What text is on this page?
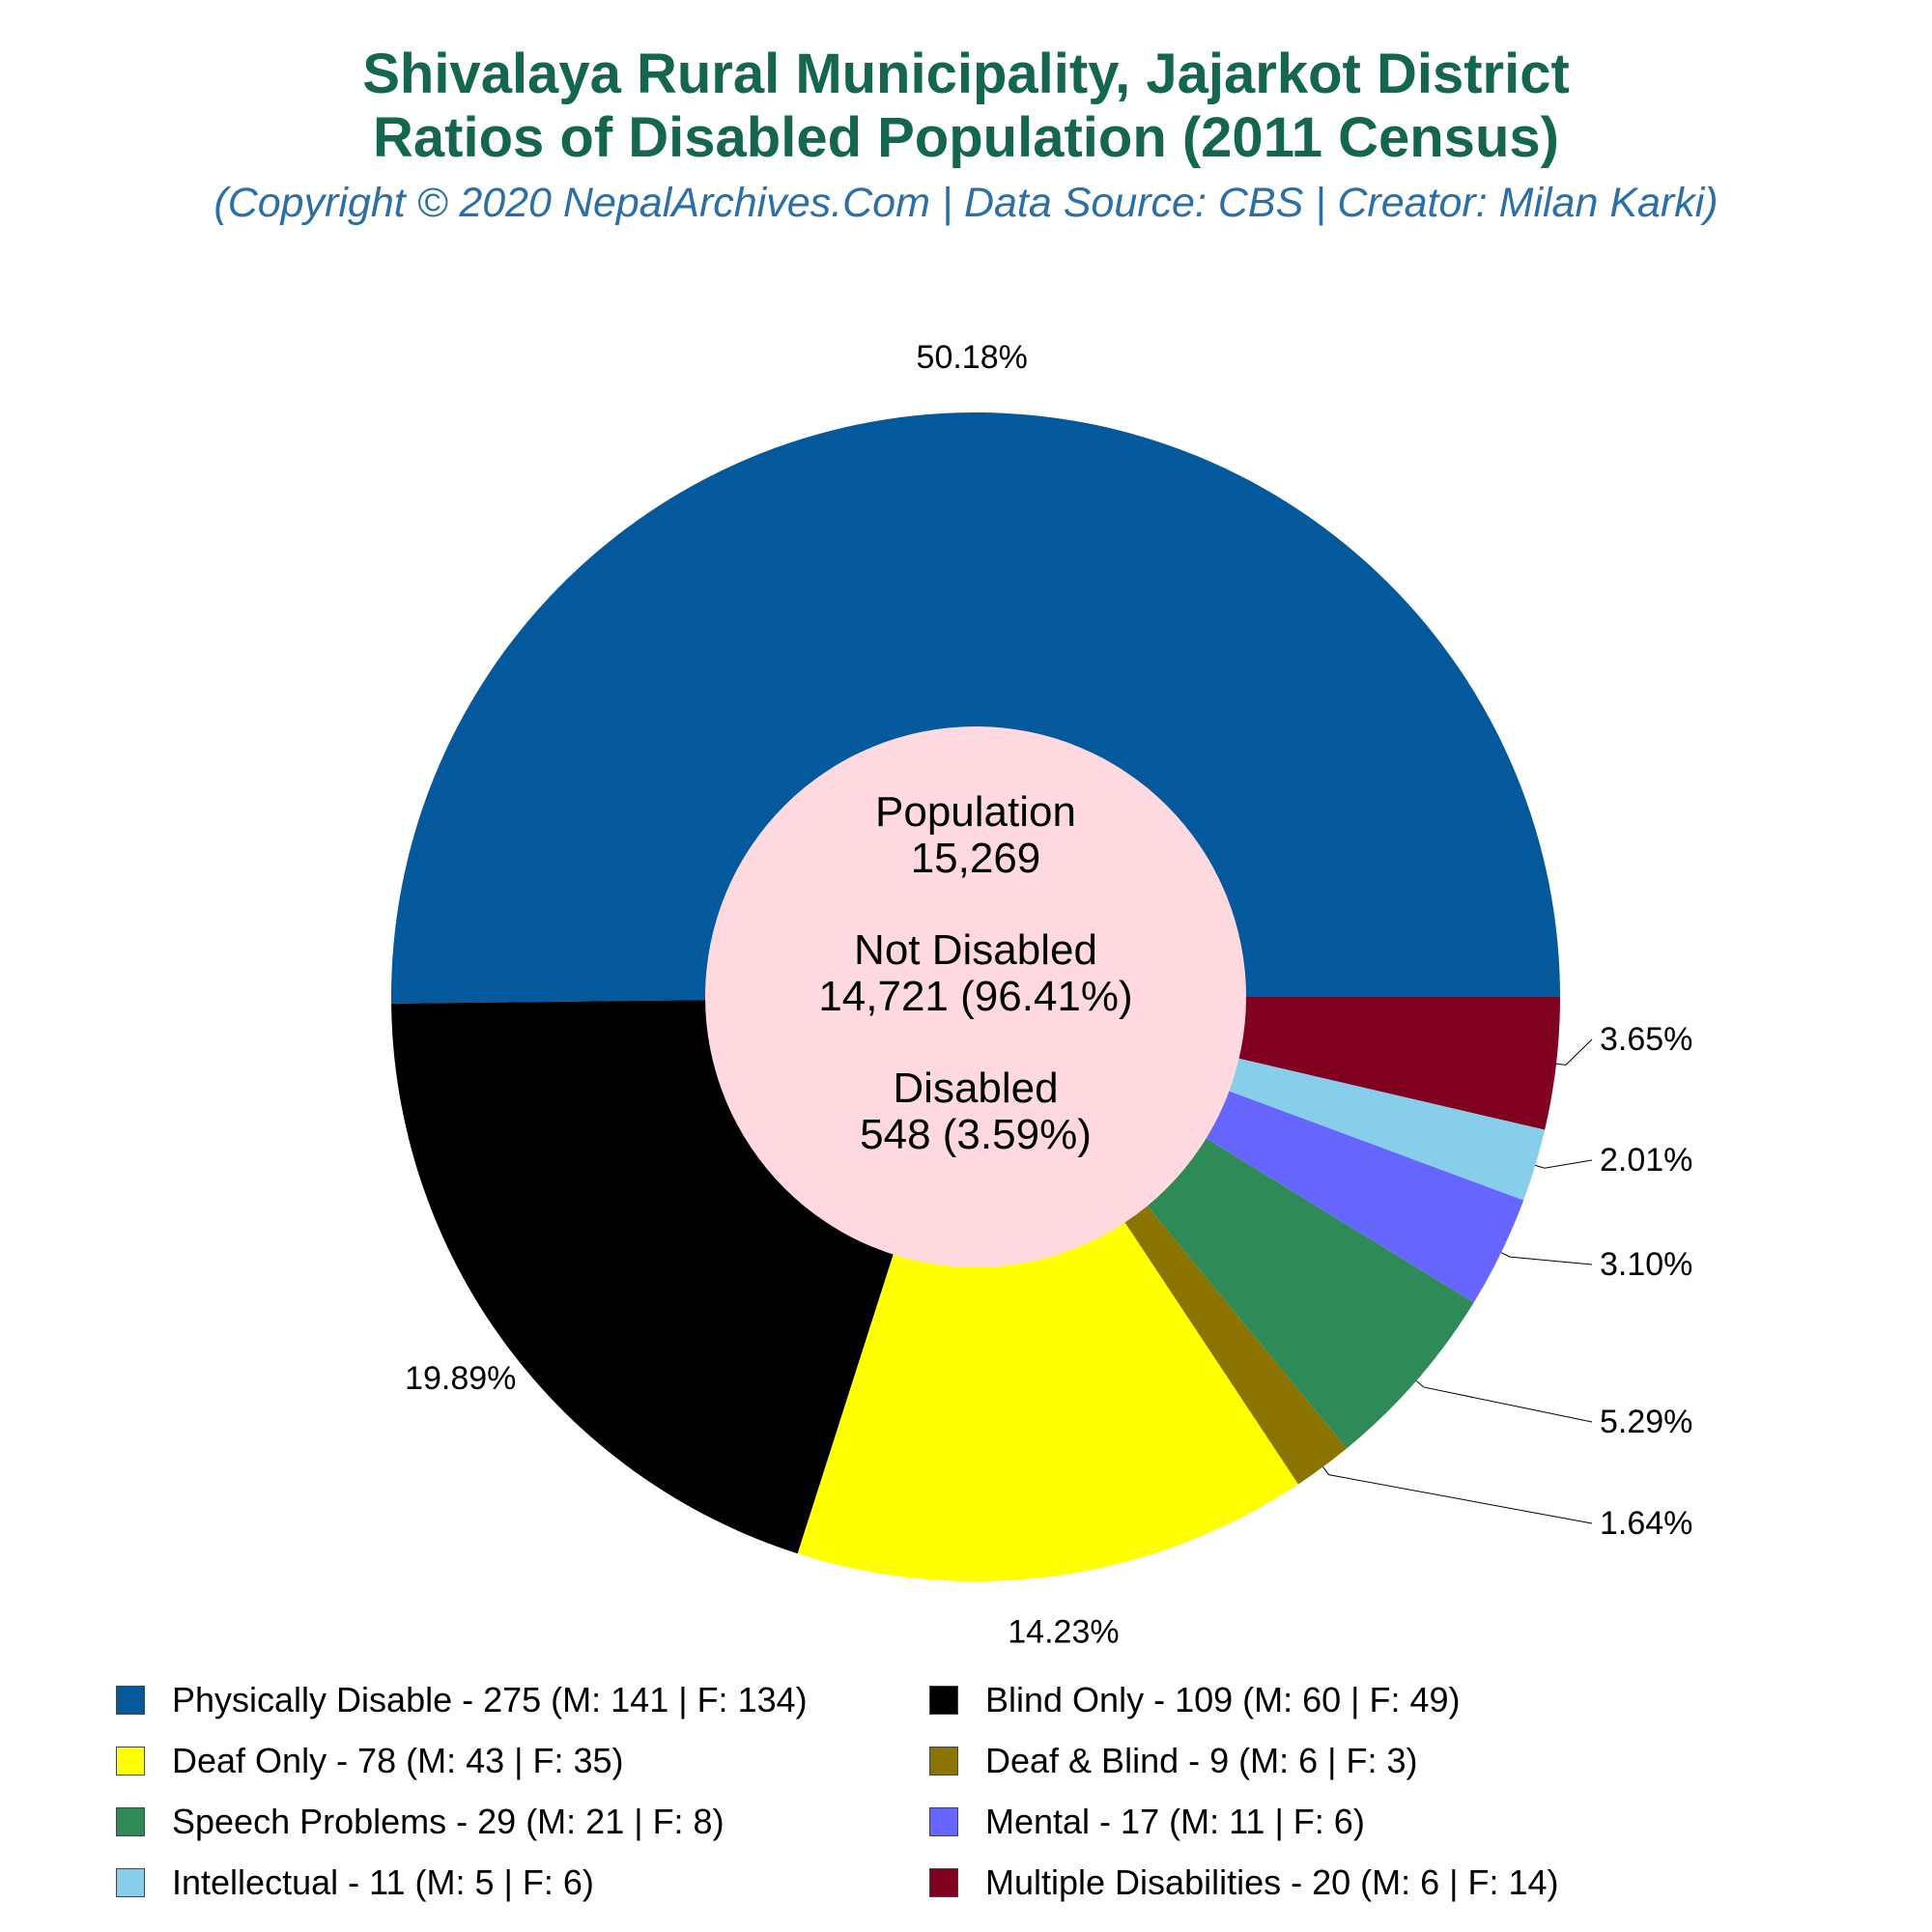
Shivalaya Rural Municipality, Jajarkot District
Ratios of Disabled Population (2011 Census)
(Copyright © 2020 NepalArchives.Com | Data Source: CBS | Creator: Milan Karki)
50.18%
19.89%
14.23%
1.64%
5.29%
3.10%
2.01%
3.65%
Population
15,269
Not Disabled
14,721 (96.41%)
Disabled
548 (3.59%)
Physically Disable - 275 (M: 141 | F: 134)	Blind Only - 109 (M: 60 | F: 49)
Deaf Only - 78 (M: 43 | F: 35)	Deaf & Blind - 9 (M: 6 | F: 3)
Speech Problems - 29 (M: 21 | F: 8)	Mental - 17 (M: 11 | F: 6)
Intellectual - 11 (M: 5 | F: 6)	Multiple Disabilities - 20 (M: 6 | F: 14)
